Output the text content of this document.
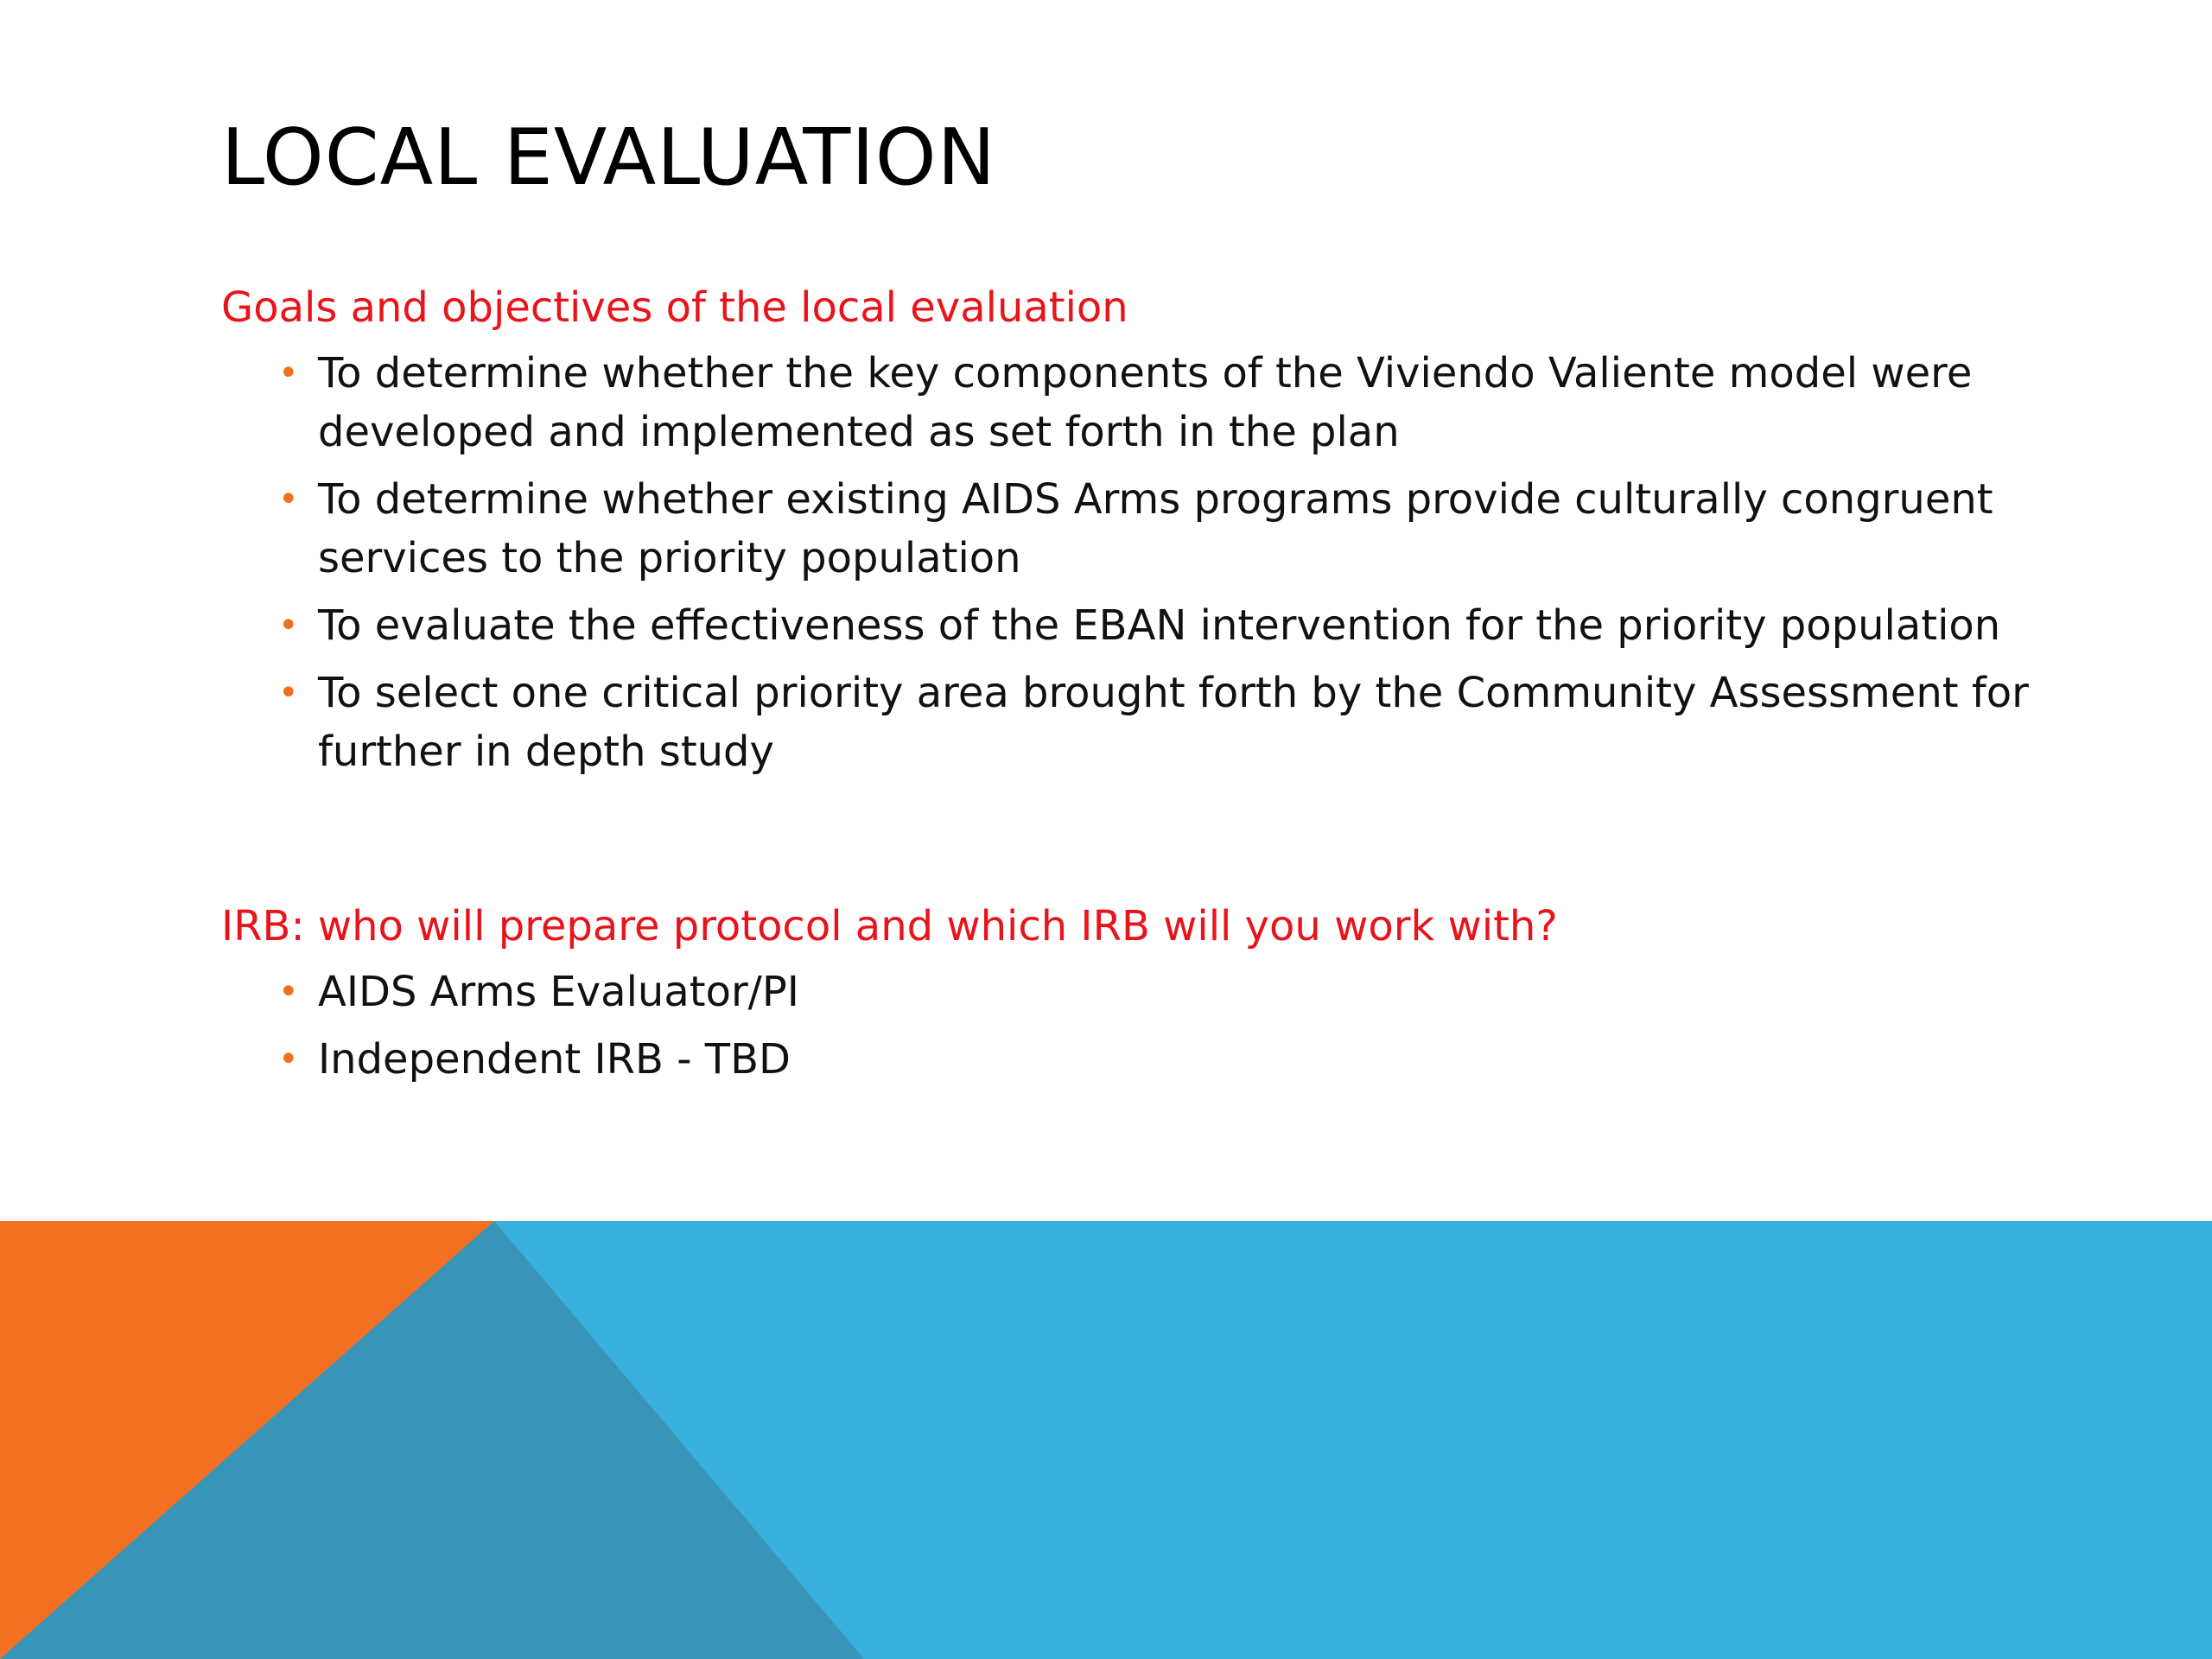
LOCAL EVALUATION

Goals and objectives of the local evaluation

• To determine whether the key components of the Viviendo Valiente model were developed and implemented as set forth in the plan
• To determine whether existing AIDS Arms programs provide culturally congruent services to the priority population
• To evaluate the effectiveness of the EBAN intervention for the priority population
• To select one critical priority area brought forth by the Community Assessment for further in depth study

IRB: who will prepare protocol and which IRB will you work with?

• AIDS Arms Evaluator/PI
• Independent IRB - TBD
